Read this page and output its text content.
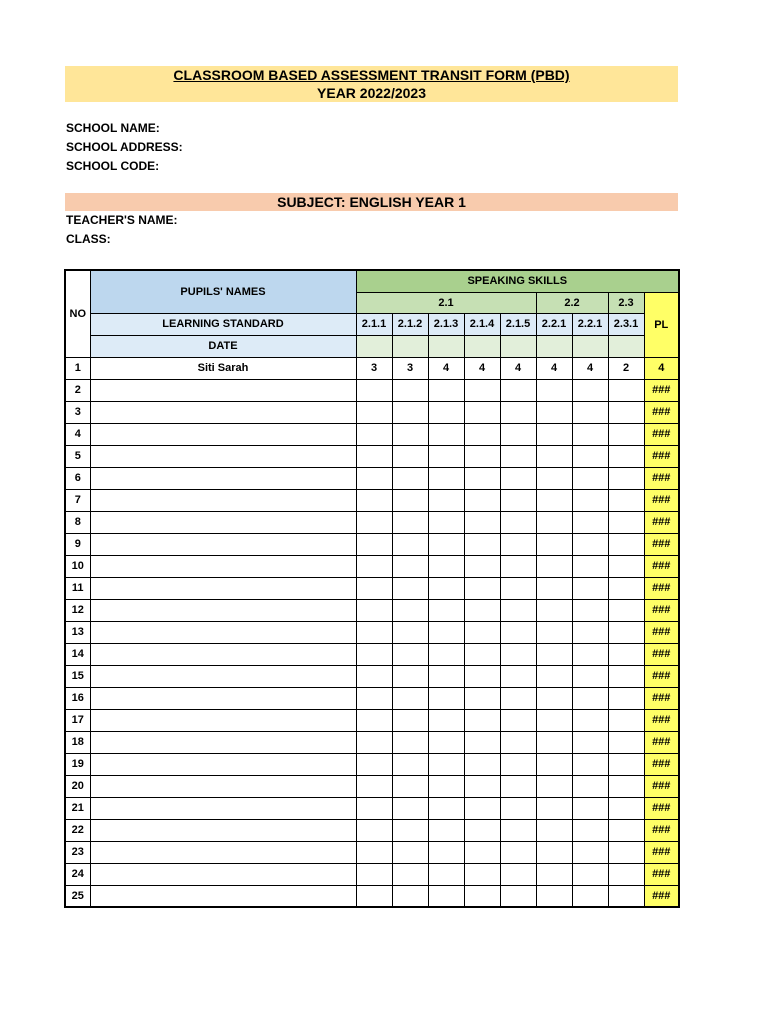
CLASSROOM BASED ASSESSMENT TRANSIT FORM (PBD)
YEAR 2022/2023
SCHOOL NAME:
SCHOOL ADDRESS:
SCHOOL CODE:
SUBJECT: ENGLISH YEAR 1
TEACHER'S NAME:
CLASS:
NO	PUPILS' NAMES	SPEAKING SKILLS								
		2.1					2.2		2.3	PL
	LEARNING STANDARD	2.1.1	2.1.2	2.1.3	2.1.4	2.1.5	2.2.1	2.2.1	2.3.1	
	DATE									
1	Siti Sarah	3	3	4	4	4	4	4	2	4
2										###
3										###
4										###
5										###
6										###
7										###
8										###
9										###
10										###
11										###
12										###
13										###
14										###
15										###
16										###
17										###
18										###
19										###
20										###
21										###
22										###
23										###
24										###
25										###
